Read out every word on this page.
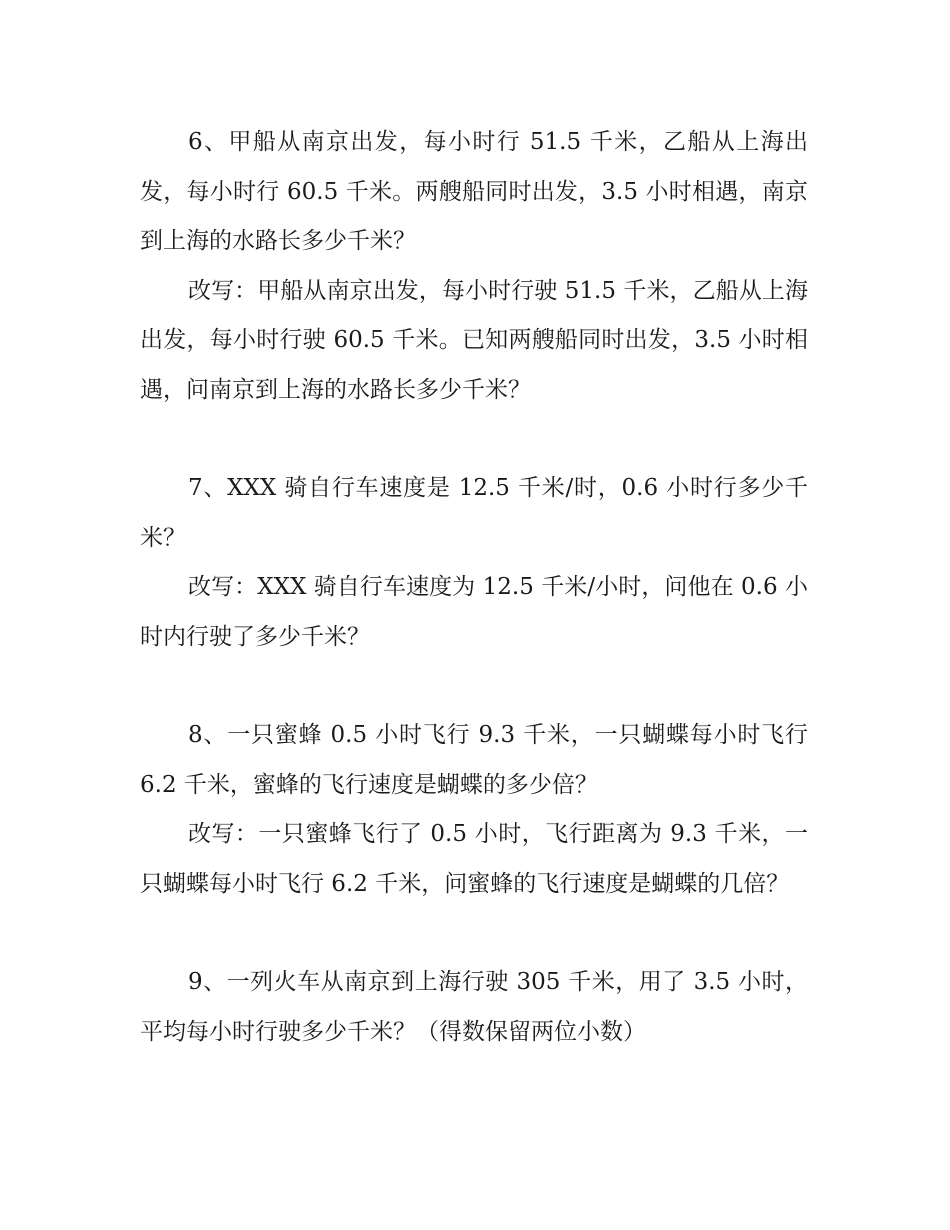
6、甲船从南京出发，每小时行 51.5 千米，乙船从上海出发，每小时行 60.5 千米。两艘船同时出发，3.5 小时相遇，南京到上海的水路长多少千米？

改写：甲船从南京出发，每小时行驶 51.5 千米，乙船从上海出发，每小时行驶 60.5 千米。已知两艘船同时出发，3.5 小时相遇，问南京到上海的水路长多少千米？

7、XXX 骑自行车速度是 12.5 千米/时，0.6 小时行多少千米？

改写：XXX 骑自行车速度为 12.5 千米/小时，问他在 0.6 小时内行驶了多少千米？

8、一只蜜蜂 0.5 小时飞行 9.3 千米，一只蝴蝶每小时飞行 6.2 千米，蜜蜂的飞行速度是蝴蝶的多少倍？

改写：一只蜜蜂飞行了 0.5 小时，飞行距离为 9.3 千米，一只蝴蝶每小时飞行 6.2 千米，问蜜蜂的飞行速度是蝴蝶的几倍？

9、一列火车从南京到上海行驶 305 千米，用了 3.5 小时，平均每小时行驶多少千米？（得数保留两位小数）
